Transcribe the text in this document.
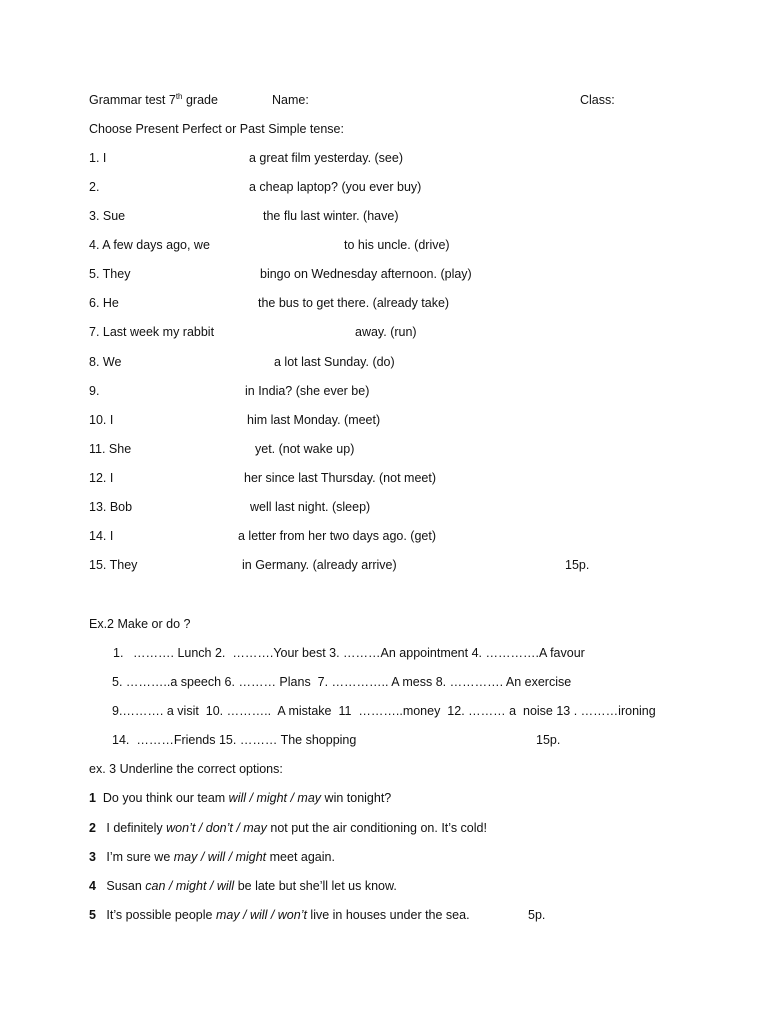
Grammar test 7th grade	Name:	Class:
Choose Present Perfect or Past Simple tense:
1. I	a great film yesterday. (see)
2.	a cheap laptop? (you ever buy)
3. Sue	the flu last winter. (have)
4. A few days ago, we	to his uncle. (drive)
5. They	bingo on Wednesday afternoon. (play)
6. He	the bus to get there. (already take)
7. Last week my rabbit	away. (run)
8. We	a lot last Sunday. (do)
9.	in India? (she ever be)
10. I	him last Monday. (meet)
11. She	yet. (not wake up)
12. I	her since last Thursday. (not meet)
13. Bob	well last night. (sleep)
14. I	a letter from her two days ago. (get)
15. They	in Germany. (already arrive)	15p.
Ex.2 Make or do ?
1. ………. Lunch 2.  ……….Your best 3. ………An appointment 4. ………….A favour
5. ………..a speech 6. ……… Plans  7. ………….. A mess 8. …………. An exercise
9.………. a visit  10. ………..  A mistake  11  ………..money  12. ……… a  noise 13 . ………ironing
14.  ………Friends 15. ……… The shopping	15p.
ex. 3 Underline the correct options:
1 Do you think our team will / might / may win tonight?
2 I definitely won’t / don’t / may not put the air conditioning on. It’s cold!
3 I’m sure we may / will / might meet again.
4 Susan can / might / will be late but she’ll let us know.
5 It’s possible people may / will / won’t live in houses under the sea.	5p.
